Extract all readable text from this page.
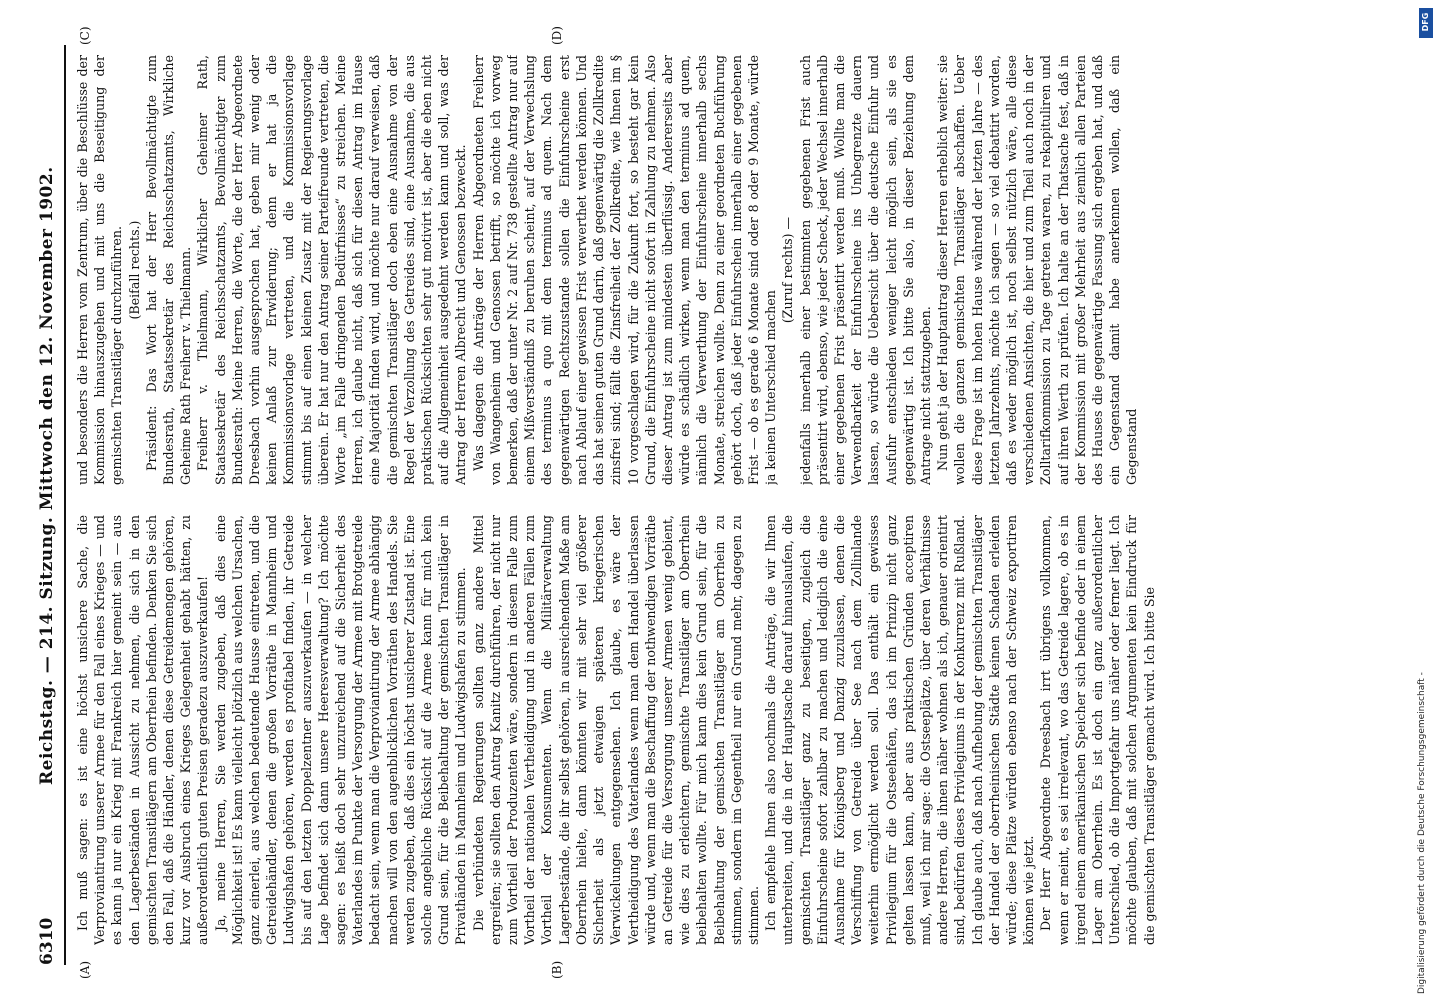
6310
Reichstag. — 214. Sitzung. Mittwoch den 12. November 1902.
(A)	(B)
(C)	(D)

Ich muß sagen: es ist eine höchst unsichere Sache, die Verproviantirung unserer Armee für den Fall eines Krieges — und es kann ja nur ein Krieg mit Frankreich hier gemeint sein — aus den Lagerbeständen in Aussicht zu nehmen, die sich in den gemischten Transitlägern am Oberrhein befinden. Denken Sie sich den Fall, daß die Händler, denen diese Getreidemengen gehören, kurz vor Ausbruch eines Krieges Gelegenheit gehabt hätten, zu außerordentlich guten Preisen geradezu auszuverkaufen! Ja, meine Herren, Sie werden zugeben, daß dies eine Möglichkeit ist! Es kann vielleicht plötzlich aus welchen Ursachen, ganz einerlei, aus welchen bedeutende Hausse eintreten, und die Getreidehändler, denen die großen Vorräthe in Mannheim und Ludwigshafen gehören, werden es profitabel finden, ihr Getreide bis auf den letzten Doppelzentner auszuverkaufen — in welcher Lage befindet sich dann unsere Heeresverwaltung? Ich möchte sagen: es heißt doch sehr unzureichend auf die Sicherheit des Vaterlandes im Punkte der Versorgung der Armee mit Brotgetreide bedacht sein, wenn man die Verproviantirung der Armee abhängig machen will von den augenblicklichen Vorräthen des Handels. Sie werden zugeben, daß dies ein höchst unsicherer Zustand ist. Eine solche angebliche Rücksicht auf die Armee kann für mich kein Grund sein, für die Beibehaltung der gemischten Transitläger in Privathänden in Mannheim und Ludwigshafen zu stimmen. Die verbündeten Regierungen sollten ganz andere Mittel ergreifen; sie sollten den Antrag Kanitz durchführen, der nicht nur zum Vortheil der Produzenten wäre, sondern in diesem Falle zum Vortheil der nationalen Vertheidigung und in anderen Fällen zum Vortheil der Konsumenten. Wenn die Militärverwaltung Lagerbestände, die ihr selbst gehören, in ausreichendem Maße am Oberrhein hielte, dann könnten wir mit sehr viel größerer Sicherheit als jetzt etwaigen späteren kriegerischen Verwickelungen entgegensehen. Ich glaube, es wäre der Vertheidigung des Vaterlandes wenn man dem Handel überlassen würde und, wenn man die Beschaffung der nothwendigen Vorräthe an Getreide für die Versorgung unserer Armeen wenig gebient, wie dies zu erleichtern, gemischte Transitläger am Oberrhein beibehalten wollte. Für mich kann dies kein Grund sein, für die Beibehaltung der gemischten Transitläger am Oberrhein zu stimmen, sondern im Gegentheil nur ein Grund mehr, dagegen zu stimmen. Ich empfehle Ihnen also nochmals die Anträge, die wir Ihnen unterbreiten, und die in der Hauptsache darauf hinauslaufen, die gemischten Transitläger ganz zu beseitigen, zugleich die Einfuhrscheine sofort zahlbar zu machen und lediglich die eine Ausnahme für Königsberg und Danzig zuzulassen, denen die Verschiffung von Getreide über See nach dem Zollinlande weiterhin ermöglicht werden soll. Das enthält ein gewisses Privilegium für die Ostseehäfen, das ich im Prinzip nicht ganz gelten lassen kann, aber aus praktischen Gründen acceptiren muß, weil ich mir sage: die Ostseeplätze, über deren Verhältnisse andere Herren, die ihnen näher wohnen als ich, genauer orientirt sind, bedürfen dieses Privilegiums in der Konkurrenz mit Rußland. Ich glaube auch, daß nach Aufhebung der gemischten Transitläger der Handel der oberrheinischen Städte keinen Schaden erleiden würde; diese Plätze würden ebenso nach der Schweiz exportiren können wie jetzt. Der Herr Abgeordnete Dreesbach irrt übrigens vollkommen, wenn er meint, es sei irrelevant, wo das Getreide lagere, ob es in irgend einem amerikanischen Speicher sich befinde oder in einem Lager am Oberrhein. Es ist doch ein ganz außerordentlicher Unterschied, ob die Importgefahr uns näher oder ferner liegt. Ich möchte glauben, daß mit solchen Argumenten kein Eindruck für die gemischten Transitläger gemacht wird. Ich bitte Sie

und besonders die Herren vom Zentrum, über die Beschlüsse der Kommission hinauszugehen und mit uns die Beseitigung der gemischten Transitläger durchzuführen. (Beifall rechts.) Präsident: Das Wort hat der Herr Bevollmächtigte zum Bundesrath, Staatssekretär des Reichsschatzamts, Wirkliche Geheime Rath Freiherr v. Thielmann. Freiherr v. Thielmann, Wirklicher Geheimer Rath, Staatssekretär des Reichsschatzamts, Bevollmächtigter zum Bundesrath: Meine Herren, die Worte, die der Herr Abgeordnete Dreesbach vorhin ausgesprochen hat, geben mir wenig oder keinen Anlaß zur Erwiderung; denn er hat ja die Kommissionsvorlage vertreten, und die Kommissionsvorlage stimmt bis auf einen kleinen Zusatz mit der Regierungsvorlage überein. Er hat nur den Antrag seiner Parteifreunde vertreten, die Worte „im Falle dringenden Bedürfnisses“ zu streichen. Meine Herren, ich glaube nicht, daß sich für diesen Antrag im Hause eine Majorität finden wird, und möchte nur darauf verweisen, daß die gemischten Transitläger doch eben eine Ausnahme von der Regel der Verzollung des Getreides sind, eine Ausnahme, die aus praktischen Rücksichten sehr gut motivirt ist, aber die eben nicht auf die Allgemeinheit ausgedehnt werden kann und soll, was der Antrag der Herren Albrecht und Genossen bezweckt. Was dagegen die Anträge der Herren Abgeordneten Freiherr von Wangenheim und Genossen betrifft, so möchte ich vorweg bemerken, daß der unter Nr. 2 auf Nr. 738 gestellte Antrag nur auf einem Mißverständniß zu beruhen scheint, auf der Verwechslung des terminus a quo mit dem terminus ad quem. Nach dem gegenwärtigen Rechtszustande sollen die Einfuhrscheine erst nach Ablauf einer gewissen Frist verwerthet werden können. Und das hat seinen guten Grund darin, daß gegenwärtig die Zollkredite zinsfrei sind; fällt die Zinsfreiheit der Zollkredite, wie Ihnen im § 10 vorgeschlagen wird, für die Zukunft fort, so besteht gar kein Grund, die Einfuhrscheine nicht sofort in Zahlung zu nehmen. Also dieser Antrag ist zum mindesten überflüssig. Andererseits aber würde es schädlich wirken, wenn man den terminus ad quem, nämlich die Verwerthung der Einfuhrscheine innerhalb sechs Monate, streichen wollte. Denn zu einer geordneten Buchführung gehört doch, daß jeder Einfuhrschein innerhalb einer gegebenen Frist — ob es gerade 6 Monate sind oder 8 oder 9 Monate, würde ja keinen Unterschied machen

(Zuruf rechts) — jedenfalls innerhalb einer bestimmten gegebenen Frist auch präsentirt wird, ebenso, wie jeder Scheck, jeder Wechsel innerhalb einer gegebenen Frist präsentirt werden muß. Wollte man die Verwendbarkeit der Einfuhrscheine ins Unbegrenzte dauern lassen, so würde die Uebersicht über die deutsche Einfuhr und Ausfuhr entschieden weniger leicht möglich sein, als sie es gegenwärtig ist. Ich bitte Sie also, in dieser Beziehung dem Antrage nicht stattzugeben. Nun geht ja der Hauptantrag dieser Herren erheblich weiter: sie wollen die ganzen gemischten Transitläger abschaffen. Ueber diese Frage ist im hohen Hause während der letzten Jahre — des letzten Jahrzehnts, möchte ich sagen — so viel debattirt worden, daß es weder möglich ist, noch selbst nützlich wäre, alle diese verschiedenen Ansichten, die hier und zum Theil auch noch in der Zolltarifkommission zu Tage getreten waren, zu rekapituliren und auf ihren Werth zu prüfen. Ich halte an der Thatsache fest, daß in der Kommission mit großer Mehrheit aus ziemlich allen Parteien des Hauses die gegenwärtige Fassung sich ergeben hat, und daß ein Gegenstand damit habe anerkennen wollen, daß ein Gegenstand

DFG
Digitalisierung gefördert durch die Deutsche Forschungsgemeinschaft -
